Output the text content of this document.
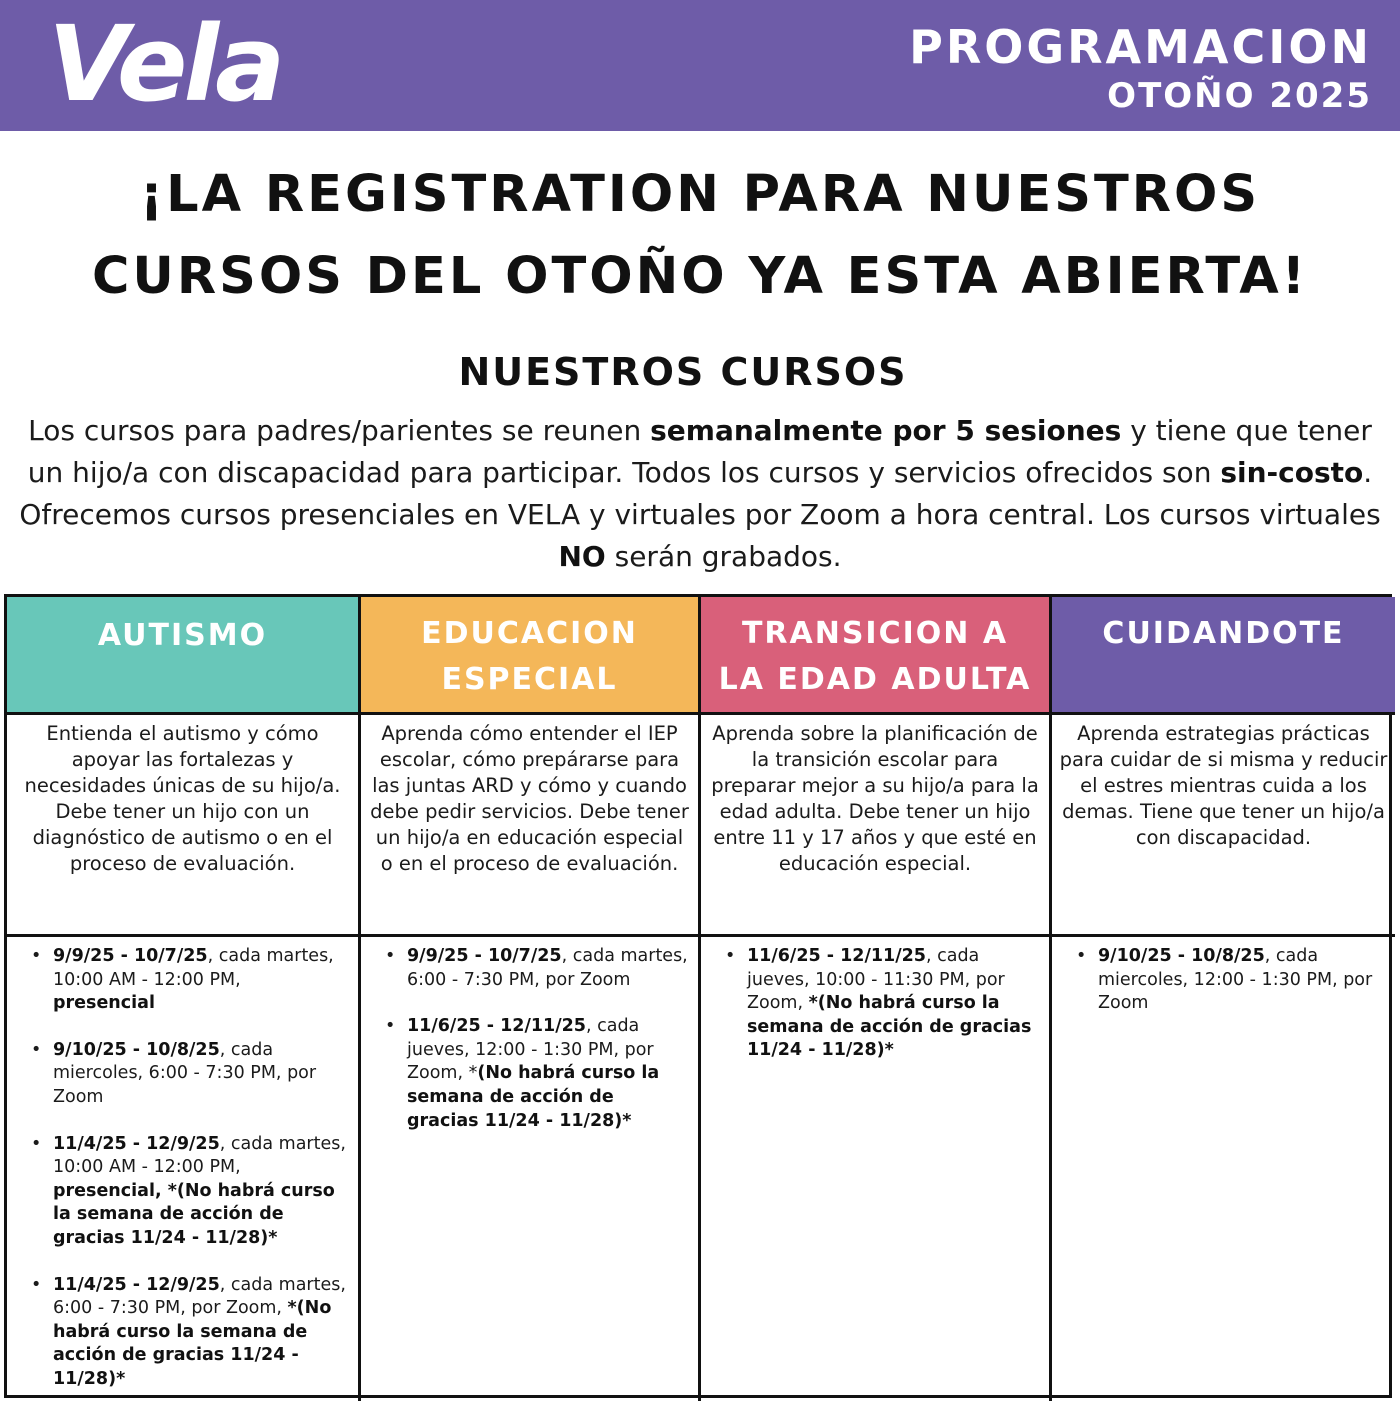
Vela	PROGRAMACION
OTOÑO 2025
¡LA REGISTRATION PARA NUESTROS
CURSOS DEL OTOÑO YA ESTA ABIERTA!
NUESTROS CURSOS

Los cursos para padres/parientes se reunen semanalmente por 5 sesiones y tiene que tener un hijo/a con discapacidad para participar. Todos los cursos y servicios ofrecidos son sin-costo. Ofrecemos cursos presenciales en VELA y virtuales por Zoom a hora central. Los cursos virtuales NO serán grabados.

AUTISMO	EDUCACION
ESPECIAL
TRANSICION A
LA EDAD ADULTA
CUIDANDOTE
Entienda el autismo y cómo apoyar las fortalezas y necesidades únicas de su hijo/a. Debe tener un hijo con un diagnóstico de autismo o en el proceso de evaluación.
Aprenda cómo entender el IEP escolar, cómo prepárarse para las juntas ARD y cómo y cuando debe pedir servicios. Debe tener un hijo/a en educación especial o en el proceso de evaluación.
Aprenda sobre la planificación de la transición escolar para preparar mejor a su hijo/a para la edad adulta. Debe tener un hijo entre 11 y 17 años y que esté en educación especial.
Aprenda estrategias prácticas para cuidar de si misma y reducir el estres mientras cuida a los demas. Tiene que tener un hijo/a con discapacidad.
• 9/9/25 - 10/7/25, cada martes, 10:00 AM - 12:00 PM, presencial
• 9/10/25 - 10/8/25, cada miercoles, 6:00 - 7:30 PM, por Zoom
• 11/4/25 - 12/9/25, cada martes, 10:00 AM - 12:00 PM, presencial, *(No habrá curso la semana de acción de gracias 11/24 - 11/28)*
• 11/4/25 - 12/9/25, cada martes, 6:00 - 7:30 PM, por Zoom, *(No habrá curso la semana de acción de gracias 11/24 - 11/28)*
• 9/9/25 - 10/7/25, cada martes, 6:00 - 7:30 PM, por Zoom
• 11/6/25 - 12/11/25, cada jueves, 12:00 - 1:30 PM, por Zoom, *(No habrá curso la semana de acción de gracias 11/24 - 11/28)*
• 11/6/25 - 12/11/25, cada jueves, 10:00 - 11:30 PM, por Zoom, *(No habrá curso la semana de acción de gracias 11/24 - 11/28)*
• 9/10/25 - 10/8/25, cada miercoles, 12:00 - 1:30 PM, por Zoom
